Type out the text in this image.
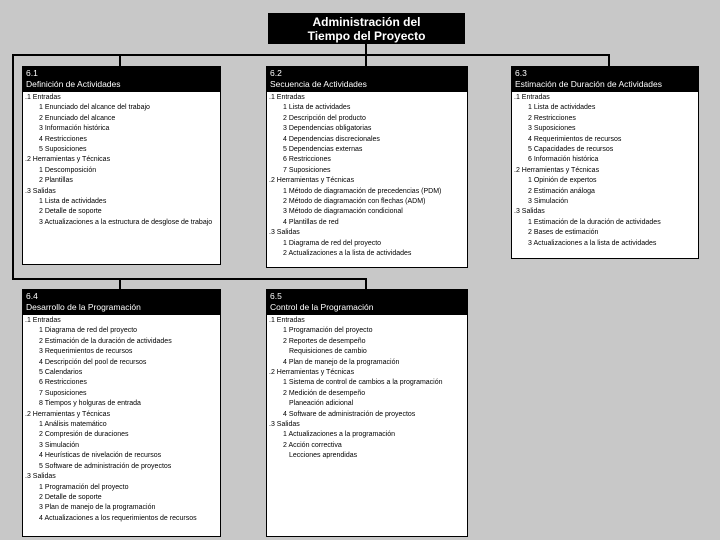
Administración del
Tiempo del Proyecto
6.1
Definición de Actividades
.1 Entradas
1 Enunciado del alcance del trabajo
2 Enunciado del alcance
3 Información histórica
4 Restricciones
5 Suposiciones
.2 Herramientas y Técnicas
1 Descomposición
2 Plantillas
.3 Salidas
1 Lista de actividades
2 Detalle de soporte
3 Actualizaciones a la estructura de desglose de trabajo
6.2
Secuencia de Actividades
.1 Entradas
1 Lista de actividades
2 Descripción del producto
3 Dependencias obligatorias
4 Dependencias discrecionales
5 Dependencias externas
6 Restricciones
7 Suposiciones
.2 Herramientas y Técnicas
1 Método de diagramación de precedencias (PDM)
2 Método de diagramación con flechas (ADM)
3 Método de diagramación condicional
4 Plantillas de red
.3 Salidas
1 Diagrama de red del proyecto
2 Actualizaciones a la lista de actividades
6.3
Estimación de Duración de Actividades
.1 Entradas
1 Lista de actividades
2 Restricciones
3 Suposiciones
4 Requerimientos de recursos
5 Capacidades de recursos
6 Información histórica
.2 Herramientas y Técnicas
1 Opinión de expertos
2 Estimación análoga
3 Simulación
.3 Salidas
1 Estimación de la duración de actividades
2 Bases de estimación
3 Actualizaciones a la lista de actividades
6.4
Desarrollo de la Programación
.1 Entradas
1 Diagrama de red del proyecto
2 Estimación de la duración de actividades
3 Requerimientos de recursos
4 Descripción del pool de recursos
5 Calendarios
6 Restricciones
7 Suposiciones
8 Tiempos y holguras de entrada
.2 Herramientas y Técnicas
1 Análisis matemático
2 Compresión de duraciones
3 Simulación
4 Heurísticas de nivelación de recursos
5 Software de administración de proyectos
.3 Salidas
1 Programación del proyecto
2 Detalle de soporte
3 Plan de manejo de la programación
4 Actualizaciones a los requerimientos de recursos
6.5
Control de la Programación
.1 Entradas
1 Programación del proyecto
2 Reportes de desempeño
Requisiciones de cambio
4 Plan de manejo de la programación
.2 Herramientas y Técnicas
1 Sistema de control de cambios a la programación
2 Medición de desempeño
Planeación adicional
4 Software de administración de proyectos
.3 Salidas
1 Actualizaciones a la programación
2 Acción correctiva
Lecciones aprendidas
